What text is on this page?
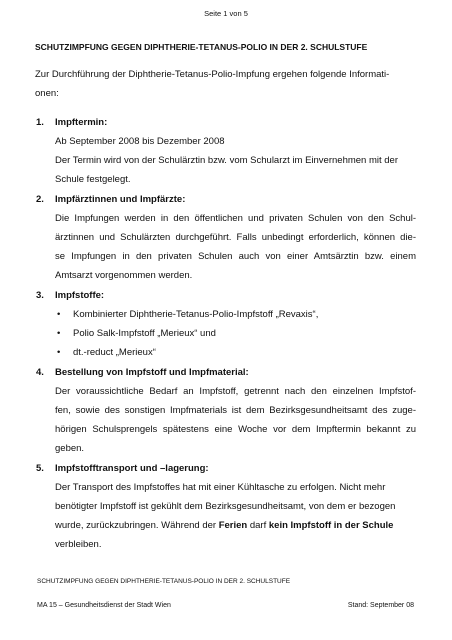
Seite 1 von 5
SCHUTZIMPFUNG GEGEN DIPHTHERIE-TETANUS-POLIO IN DER 2. SCHULSTUFE
Zur Durchführung der Diphtherie-Tetanus-Polio-Impfung ergehen folgende Informati-
onen:
1. Impftermin:
Ab September 2008 bis Dezember 2008
Der Termin wird von der Schulärztin bzw. vom Schularzt im Einvernehmen mit der
Schule festgelegt.
2. Impfärztinnen und Impfärzte:
Die Impfungen werden in den öffentlichen und privaten Schulen von den Schul-
ärztinnen und Schulärzten durchgeführt. Falls unbedingt erforderlich, können die-
se Impfungen in den privaten Schulen auch von einer Amtsärztin bzw. einem
Amtsarzt vorgenommen werden.
3. Impfstoffe:
• Kombinierter Diphtherie-Tetanus-Polio-Impfstoff „Revaxis“,
• Polio Salk-Impfstoff „Merieux“ und
• dt.-reduct „Merieux“
4. Bestellung von Impfstoff und Impfmaterial:
Der voraussichtliche Bedarf an Impfstoff, getrennt nach den einzelnen Impfstof-
fen, sowie des sonstigen Impfmaterials ist dem Bezirksgesundheitsamt des zuge-
hörigen Schulsprengels spätestens eine Woche vor dem Impftermin bekannt zu
geben.
5. Impfstofftransport und –lagerung:
Der Transport des Impfstoffes hat mit einer Kühltasche zu erfolgen. Nicht mehr
benötigter Impfstoff ist gekühlt dem Bezirksgesundheitsamt, von dem er bezogen
wurde, zurückzubringen. Während der Ferien darf kein Impfstoff in der Schule
verbleiben.
SCHUTZIMPFUNG GEGEN DIPHTHERIE-TETANUS-POLIO IN DER 2. SCHULSTUFE
MA 15 – Gesundheitsdienst der Stadt Wien	Stand: September 08
